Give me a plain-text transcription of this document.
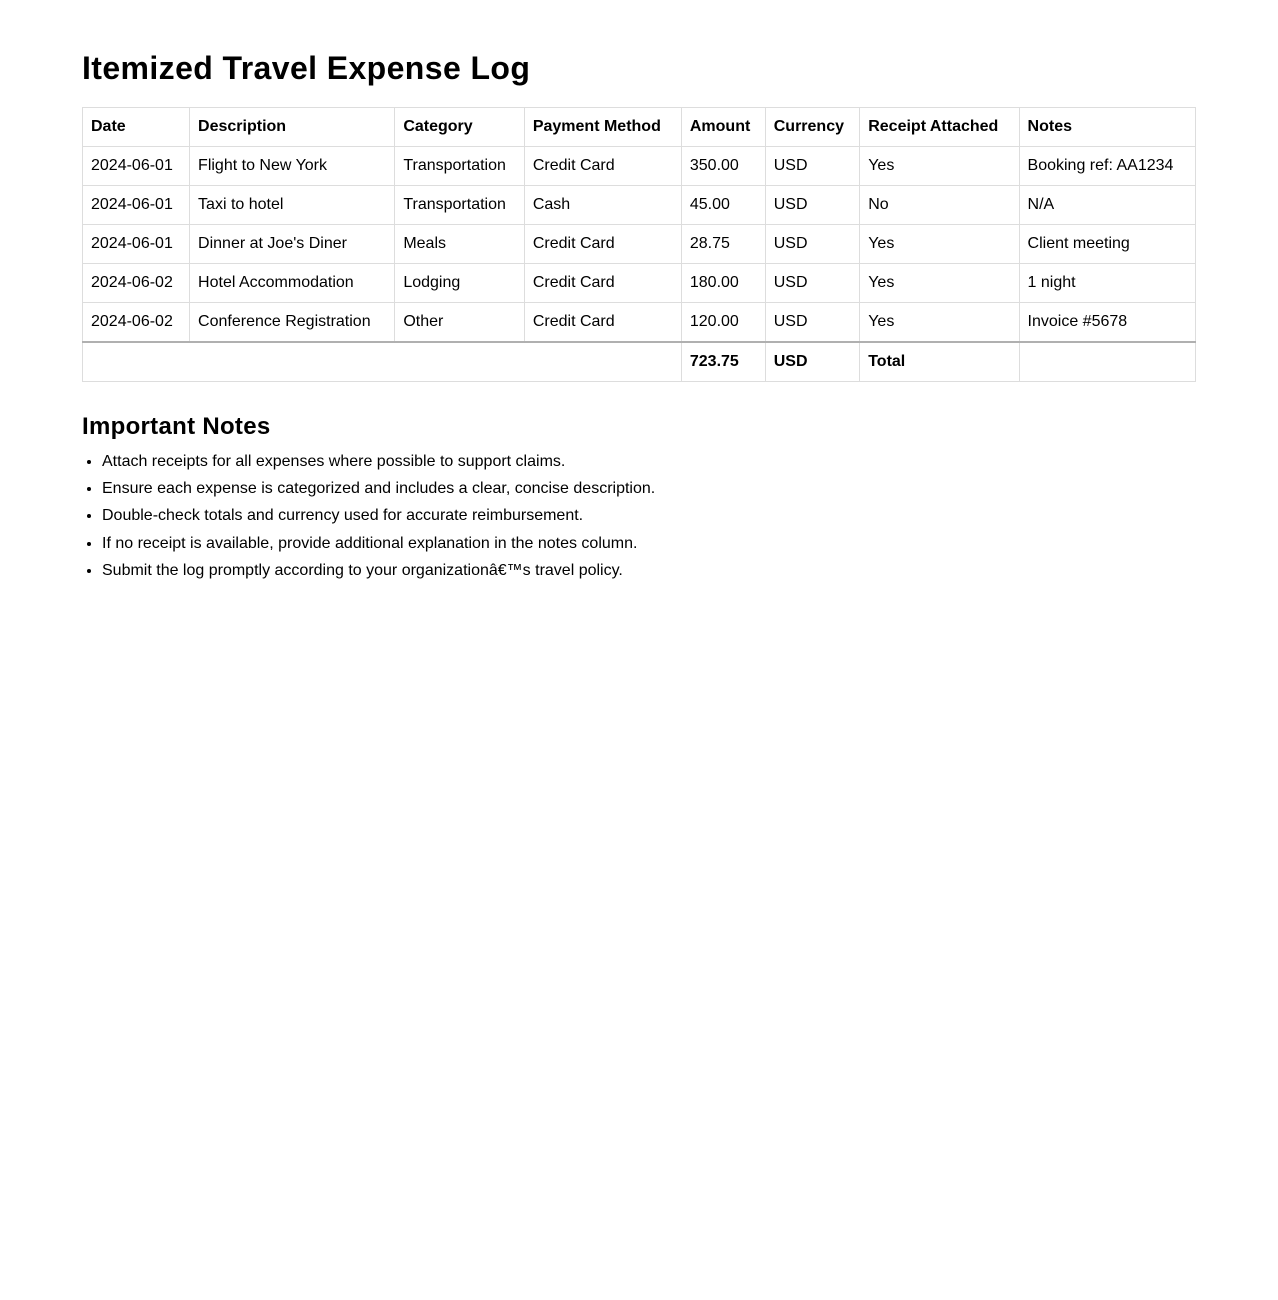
Itemized Travel Expense Log
Date	Description	Category	Payment Method	Amount	Currency	Receipt Attached	Notes
2024-06-01	Flight to New York	Transportation	Credit Card	350.00	USD	Yes	Booking ref: AA1234
2024-06-01	Taxi to hotel	Transportation	Cash	45.00	USD	No	N/A
2024-06-01	Dinner at Joe's Diner	Meals	Credit Card	28.75	USD	Yes	Client meeting
2024-06-02	Hotel Accommodation	Lodging	Credit Card	180.00	USD	Yes	1 night
2024-06-02	Conference Registration	Other	Credit Card	120.00	USD	Yes	Invoice #5678
				723.75	USD	Total	
Important Notes
• Attach receipts for all expenses where possible to support claims.
• Ensure each expense is categorized and includes a clear, concise description.
• Double-check totals and currency used for accurate reimbursement.
• If no receipt is available, provide additional explanation in the notes column.
• Submit the log promptly according to your organizationâ€™s travel policy.
